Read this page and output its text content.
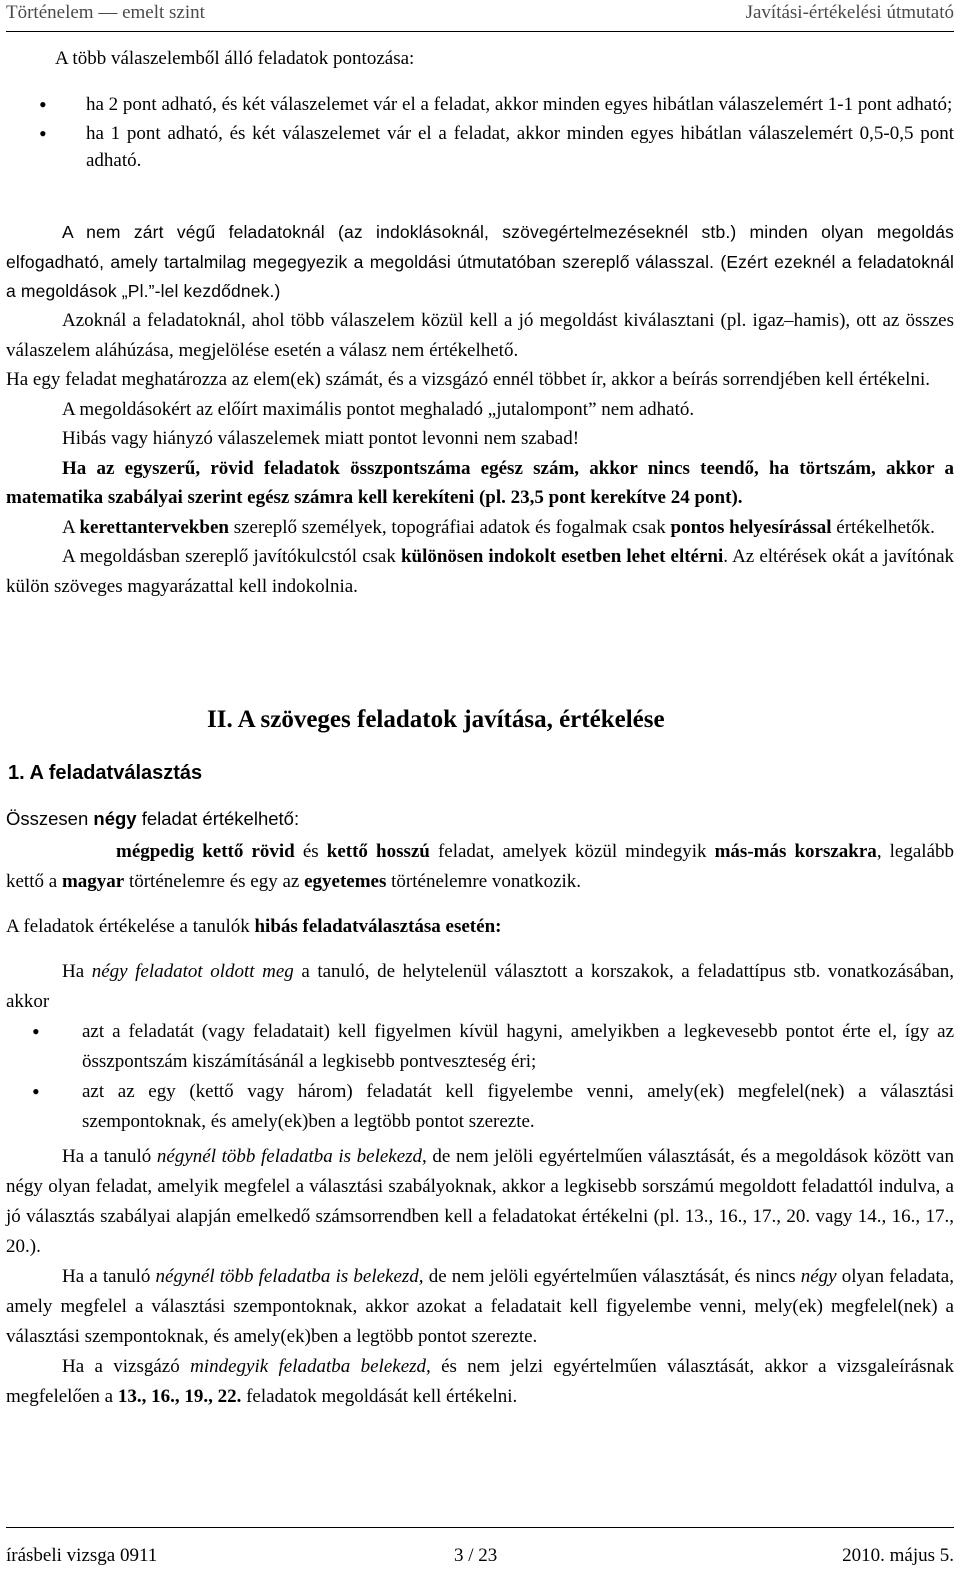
Történelem — emelt szint	Javítási-értékelési útmutató

A több válaszelemből álló feladatok pontozása:

• ha 2 pont adható, és két válaszelemet vár el a feladat, akkor minden egyes hibátlan válaszelemért 1-1 pont adható;
• ha 1 pont adható, és két válaszelemet vár el a feladat, akkor minden egyes hibátlan válaszelemért 0,5-0,5 pont adható.

A nem zárt végű feladatoknál (az indoklásoknál, szövegértelmezéseknél stb.) minden olyan megoldás elfogadható, amely tartalmilag megegyezik a megoldási útmutatóban szereplő válasszal. (Ezért ezeknél a feladatoknál a megoldások „Pl.”-lel kezdődnek.)

Azoknál a feladatoknál, ahol több válaszelem közül kell a jó megoldást kiválasztani (pl. igaz–hamis), ott az összes válaszelem aláhúzása, megjelölése esetén a válasz nem értékelhető.

Ha egy feladat meghatározza az elem(ek) számát, és a vizsgázó ennél többet ír, akkor a beírás sorrendjében kell értékelni.

A megoldásokért az előírt maximális pontot meghaladó „jutalompont” nem adható.

Hibás vagy hiányzó válaszelemek miatt pontot levonni nem szabad!

Ha az egyszerű, rövid feladatok összpontszáma egész szám, akkor nincs teendő, ha törtszám, akkor a matematika szabályai szerint egész számra kell kerekíteni (pl. 23,5 pont kerekítve 24 pont).

A kerettantervekben szereplő személyek, topográfiai adatok és fogalmak csak pontos helyesírással értékelhetők.

A megoldásban szereplő javítókulcstól csak különösen indokolt esetben lehet eltérni. Az eltérések okát a javítónak külön szöveges magyarázattal kell indokolnia.

II. A szöveges feladatok javítása, értékelése
1. A feladatválasztás

Összesen négy feladat értékelhető:

mégpedig kettő rövid és kettő hosszú feladat, amelyek közül mindegyik más-más korszakra, legalább kettő a magyar történelemre és egy az egyetemes történelemre vonatkozik.

A feladatok értékelése a tanulók hibás feladatválasztása esetén:

Ha négy feladatot oldott meg a tanuló, de helytelenül választott a korszakok, a feladattípus stb. vonatkozásában, akkor

• azt a feladatát (vagy feladatait) kell figyelmen kívül hagyni, amelyikben a legkevesebb pontot érte el, így az összpontszám kiszámításánál a legkisebb pontveszteség éri;
• azt az egy (kettő vagy három) feladatát kell figyelembe venni, amely(ek) megfelel(nek) a választási szempontoknak, és amely(ek)ben a legtöbb pontot szerezte.

Ha a tanuló négynél több feladatba is belekezd, de nem jelöli egyértelműen választását, és a megoldások között van négy olyan feladat, amelyik megfelel a választási szabályoknak, akkor a legkisebb sorszámú megoldott feladattól indulva, a jó választás szabályai alapján emelkedő számsorrendben kell a feladatokat értékelni (pl. 13., 16., 17., 20. vagy 14., 16., 17., 20.).

Ha a tanuló négynél több feladatba is belekezd, de nem jelöli egyértelműen választását, és nincs négy olyan feladata, amely megfelel a választási szempontoknak, akkor azokat a feladatait kell figyelembe venni, mely(ek) megfelel(nek) a választási szempontoknak, és amely(ek)ben a legtöbb pontot szerezte.

Ha a vizsgázó mindegyik feladatba belekezd, és nem jelzi egyértelműen választását, akkor a vizsgaleírásnak megfelelően a 13., 16., 19., 22. feladatok megoldását kell értékelni.

írásbeli vizsga 0911	3 / 23	2010. május 5.
